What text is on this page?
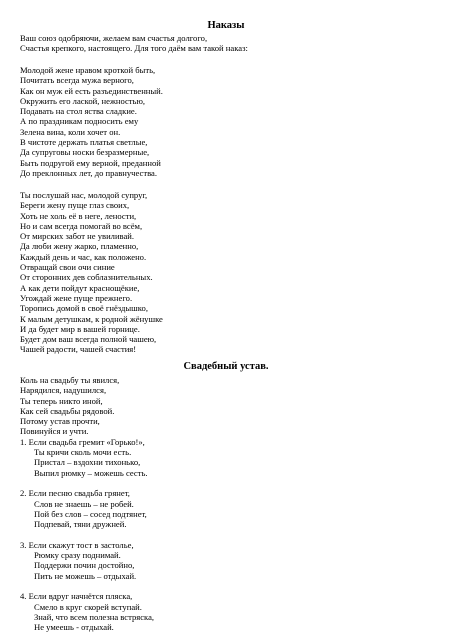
Наказы
Ваш союз одобряючи, желаем вам счастья долгого,
Счастья крепкого, настоящего. Для того даём вам такой наказ:
Молодой жене нравом кроткой быть,
Почитать всегда мужа верного,
Как он муж ей есть разъединственный.
Окружить его лаской, нежностью,
Подавать на стол яства сладкие.
А по праздникам подносить ему
Зелена вина, коли хочет он.
В чистоте держать платья светлые,
Да супруговы носки безразмерные,
Быть подругой ему верной, преданной
До преклонных лет, до правнучества.
Ты послушай нас, молодой супруг,
Береги жену пуще глаз своих,
Хоть не холь её в неге, лености,
Но и сам всегда помогай во всём,
От мирских забот не увиливай.
Да люби жену жарко, пламенно,
Каждый день и час, как положено.
Отвращай свои очи синие
От сторонних дев соблазнительных.
А как дети пойдут краснощёкие,
Угождай жене пуще прежнего.
Торопись домой в своё гнёздышко,
К малым детушкам, к родной жёнушке
И да будет мир в вашей горнице.
Будет дом ваш всегда полной чашею,
Чашей радости, чашей счастия!
Свадебный устав.
Коль на свадьбу ты явился,
Нарядился, надушился,
Ты теперь никто иной,
Как сей свадьбы рядовой.
Потому устав прочти,
Повинуйся и учти.
1. Если свадьба гремит «Горько!»,
Ты кричи сколь мочи есть.
Пристал – вздохни тихонько,
Выпил рюмку – можешь сесть.
2. Если песню свадьба грянет,
Слов не знаешь – не робей.
Пой без слов – сосед подтянет,
Подпевай, тяни дружней.
3. Если скажут тост в застолье,
Рюмку сразу поднимай.
Поддержи почин достойно,
Пить не можешь – отдыхай.
4. Если вдруг начнётся пляска,
Смело в круг скорей вступай.
Знай, что всем полезна встряска,
Не умеешь - отдыхай.
